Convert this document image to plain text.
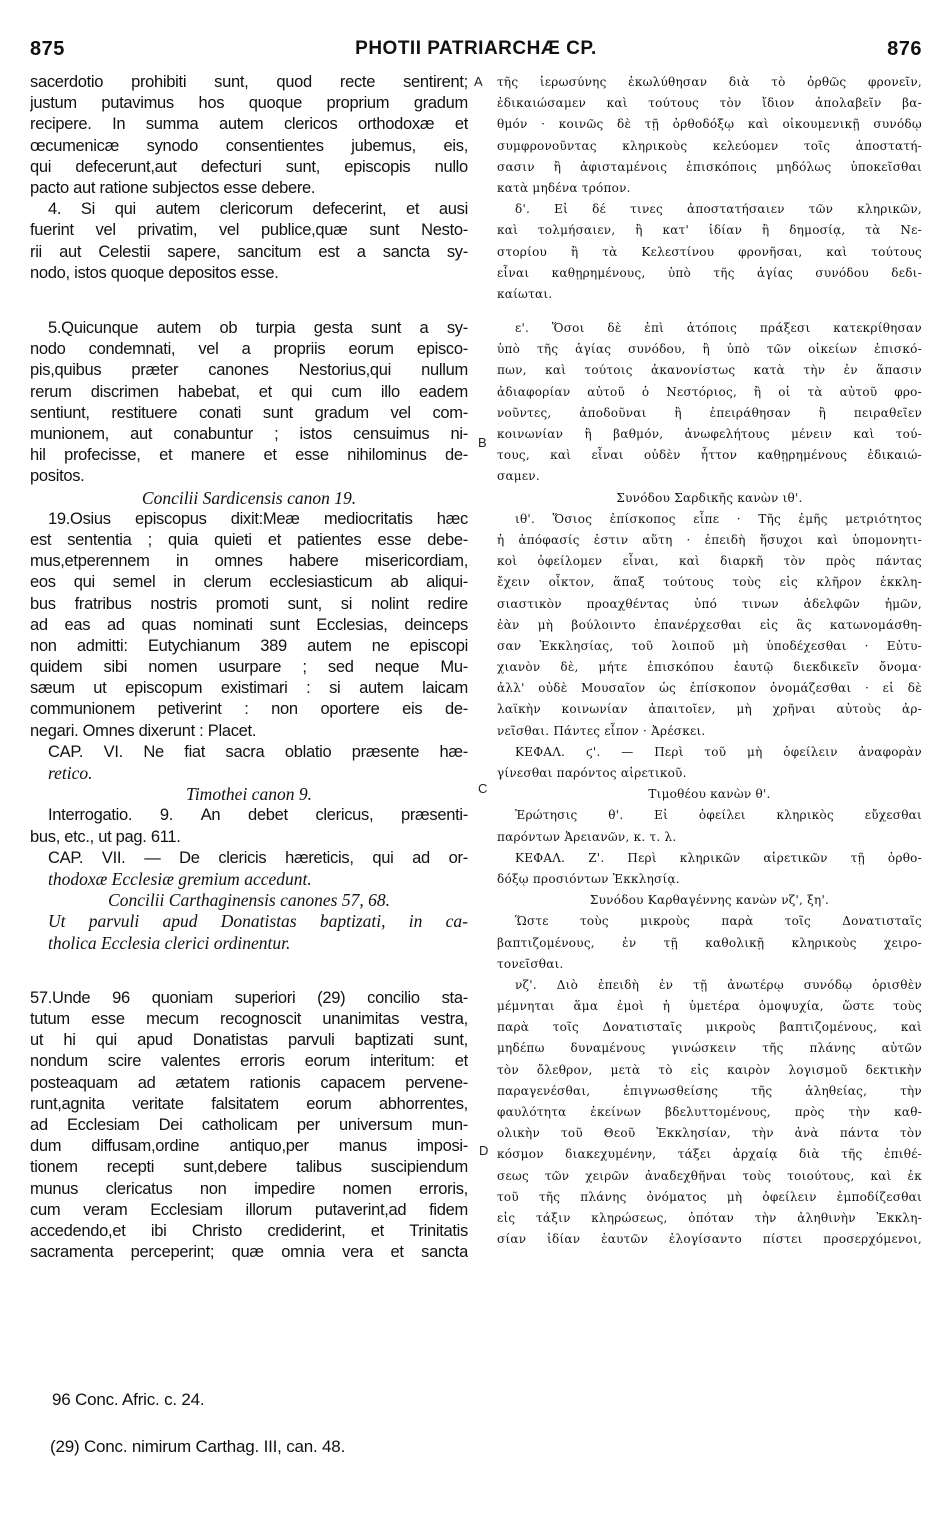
875	PHOTII PATRIARCHÆ CP.	876
sacerdotio prohibiti sunt, quod recte sentirent;
justum putavimus hos quoque proprium gradum
recipere. In summa autem clericos orthodoxæ et
œcumenicæ synodo consentientes jubemus, eis,
qui defecerunt,aut defecturi sunt, episcopis nullo
pacto aut ratione subjectos esse debere.
4. Si qui autem clericorum defecerint, et ausi
fuerint vel privatim, vel publice,quæ sunt Nesto-
rii aut Celestii sapere, sancitum est a sancta sy-
nodo, istos quoque depositos esse.
5.Quicunque autem ob turpia gesta sunt a sy-
nodo condemnati, vel a propriis eorum episco-
pis,quibus præter canones Nestorius,qui nullum
rerum discrimen habebat, et qui cum illo eadem
sentiunt, restituere conati sunt gradum vel com-
munionem, aut conabuntur ; istos censuimus ni-
hil profecisse, et manere et esse nihilominus de-
positos.
Concilii Sardicensis canon 19.
19.Osius episcopus dixit:Meæ mediocritatis hæc
est sententia ; quia quieti et patientes esse debe-
mus,etperennem in omnes habere misericordiam,
eos qui semel in clerum ecclesiasticum ab aliqui-
bus fratribus nostris promoti sunt, si nolint redire
ad eas ad quas nominati sunt Ecclesias, deinceps
non admitti: Eutychianum 389 autem ne episcopi
quidem sibi nomen usurpare ; sed neque Mu-
sæum ut episcopum existimari : si autem laicam
communionem petiverint : non oportere eis de-
negari. Omnes dixerunt : Placet.
CAP. VI. Ne fiat sacra oblatio præsente hæ-
retico.
Timothei canon 9.
Interrogatio. 9. An debet clericus, præsenti-
bus, etc., ut pag. 611.
CAP. VII. — De clericis hæreticis, qui ad or-
thodoxæ Ecclesiæ gremium accedunt.
Concilii Carthaginensis canones 57, 68.
Ut parvuli apud Donatistas baptizati, in ca-
tholica Ecclesia clerici ordinentur.
57.Unde 96 quoniam superiori (29) concilio sta-
tutum esse mecum recognoscit unanimitas vestra,
ut hi qui apud Donatistas parvuli baptizati sunt,
nondum scire valentes erroris eorum interitum: et
posteaquam ad ætatem rationis capacem pervene-
runt,agnita veritate falsitatem eorum abhorrentes,
ad Ecclesiam Dei catholicam per universum mun-
dum diffusam,ordine antiquo,per manus imposi-
tionem recepti sunt,debere talibus suscipiendum
munus clericatus non impedire nomen erroris,
cum veram Ecclesiam illorum putaverint,ad fidem
accedendo,et ibi Christo crediderint, et Trinitatis
sacramenta perceperint; quæ omnia vera et sancta
τῆς ἱερωσύνης ἐκωλύθησαν διὰ τὸ ὀρθῶς φρονεῖν,
ἐδικαιώσαμεν καὶ τούτους τὸν ἴδιον ἀπολαβεῖν βα-
θμόν · κοινῶς δὲ τῇ ὀρθοδόξῳ καὶ οἰκουμενικῇ συνόδῳ
συμφρονοῦντας κληρικοὺς κελεύομεν τοῖς ἀποστατή-
σασιν ἢ ἀφισταμένοις ἐπισκόποις μηδόλως ὑποκεῖσθαι
κατὰ μηδένα τρόπον.
δ'. Εἰ δέ τινες ἀποστατήσαιεν τῶν κληρικῶν,
καὶ τολμήσαιεν, ἢ κατ' ἰδίαν ἢ δημοσίᾳ, τὰ Νε-
στορίου ἢ τὰ Κελεστίνου φρονῆσαι, καὶ τούτους
εἶναι καθῃρημένους, ὑπὸ τῆς ἁγίας συνόδου δεδι-
καίωται.
ε'. Ὅσοι δὲ ἐπὶ ἀτόποις πράξεσι κατεκρίθησαν
ὑπὸ τῆς ἁγίας συνόδου, ἢ ὑπὸ τῶν οἰκείων ἐπισκό-
πων, καὶ τούτοις ἀκανονίστως κατὰ τὴν ἐν ἅπασιν
ἀδιαφορίαν αὐτοῦ ὁ Νεστόριος, ἢ οἱ τὰ αὐτοῦ φρο-
νοῦντες, ἀποδοῦναι ἢ ἐπειράθησαν ἢ πειραθεῖεν
κοινωνίαν ἢ βαθμόν, ἀνωφελήτους μένειν καὶ τού-
τους, καὶ εἶναι οὐδὲν ἧττον καθῃρημένους ἐδικαιώ-
σαμεν.
Συνόδου Σαρδικῆς κανὼν ιθ'.
ιθ'. Ὅσιος ἐπίσκοπος εἶπε · Τῆς ἐμῆς μετριότητος
ἡ ἀπόφασίς ἐστιν αὕτη · ἐπειδὴ ἥσυχοι καὶ ὑπομονητι-
κοὶ ὀφείλομεν εἶναι, καὶ διαρκῆ τὸν πρὸς πάντας
ἔχειν οἶκτον, ἅπαξ τούτους τοὺς εἰς κλῆρον ἐκκλη-
σιαστικὸν προαχθέντας ὑπό τινων ἀδελφῶν ἡμῶν,
ἐὰν μὴ βούλοιντο ἐπανέρχεσθαι εἰς ἃς κατωνομάσθη-
σαν Ἐκκλησίας, τοῦ λοιποῦ μὴ ὑποδέχεσθαι · Εὐτυ-
χιανὸν δὲ, μήτε ἐπισκόπου ἑαυτῷ διεκδικεῖν ὄνομα·
ἀλλ' οὐδὲ Μουσαῖον ὡς ἐπίσκοπον ὀνομάζεσθαι · εἰ δὲ
λαϊκὴν κοινωνίαν ἀπαιτοῖεν, μὴ χρῆναι αὐτοὺς ἀρ-
νεῖσθαι. Πάντες εἶπον · Ἀρέσκει.
ΚΕΦΑΛ. ϛ'. — Περὶ τοῦ μὴ ὀφείλειν ἀναφορὰν
γίνεσθαι παρόντος αἱρετικοῦ.
Τιμοθέου κανὼν θ'.
Ἐρώτησις	θ'.	Εἰ	ὀφείλει	κληρικὸς	εὔχεσθαι
παρόντων Ἀρειανῶν, κ. τ. λ.
ΚΕΦΑΛ. Ζ'. Περὶ κληρικῶν αἱρετικῶν τῇ ὀρθο-
δόξῳ προσιόντων Ἐκκλησίᾳ.
Συνόδου Καρθαγέννης κανὼν νζ', ξη'.
Ὥστε	τοὺς	μικροὺς	παρὰ	τοῖς	Δονατισταῖς
βαπτιζομένους, ἐν τῇ καθολικῇ κληρικοὺς χειρο-
τονεῖσθαι.
νζ'. Διὸ ἐπειδὴ ἐν τῇ ἀνωτέρῳ συνόδῳ ὁρισθὲν
μέμνηται ἅμα ἐμοὶ ἡ ὑμετέρα ὁμοψυχία, ὥστε τοὺς
παρὰ τοῖς Δονατισταῖς μικροὺς βαπτιζομένους, καὶ
μηδέπω δυναμένους γινώσκειν τῆς πλάνης αὐτῶν
τὸν ὄλεθρον, μετὰ τὸ εἰς καιρὸν λογισμοῦ δεκτικὴν
παραγενέσθαι,	ἐπιγνωσθείσης	τῆς	ἀληθείας,	τὴν
φαυλότητα ἐκείνων βδελυττομένους, πρὸς τὴν καθ-
ολικὴν τοῦ Θεοῦ Ἐκκλησίαν, τὴν ἀνὰ πάντα τὸν
κόσμον διακεχυμένην, τάξει ἀρχαίᾳ διὰ τῆς ἐπιθέ-
σεως τῶν χειρῶν ἀναδεχθῆναι τοὺς τοιούτους, καὶ ἐκ
τοῦ τῆς πλάνης ὀνόματος μὴ ὀφείλειν ἐμποδίζεσθαι
εἰς τάξιν κληρώσεως, ὁπόταν τὴν ἀληθινὴν Ἐκκλη-
σίαν ἰδίαν ἑαυτῶν ἐλογίσαντο πίστει προσερχόμενοι,
A
B
C
D
96 Conc. Afric. c. 24.
(29) Conc. nimirum Carthag. III, can. 48.
